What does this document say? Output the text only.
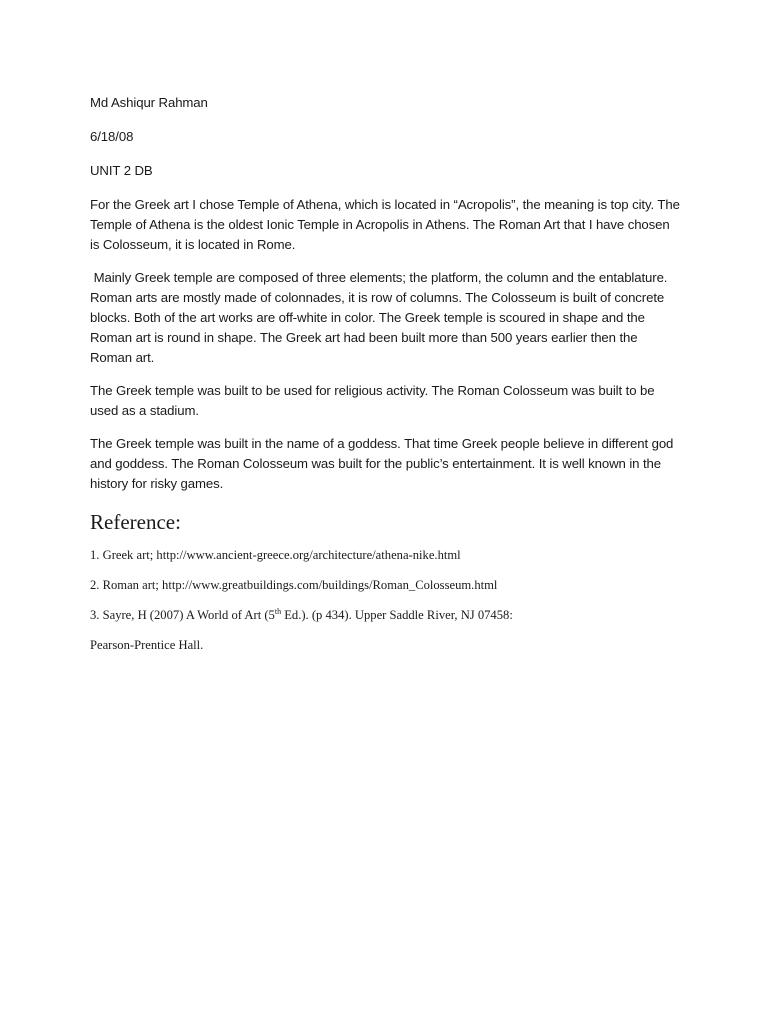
Md Ashiqur Rahman

6/18/08

UNIT 2 DB

For the Greek art I chose Temple of Athena, which is located in “Acropolis”, the meaning is top city. The Temple of Athena is the oldest Ionic Temple in Acropolis in Athens. The Roman Art that I have chosen is Colosseum, it is located in Rome.

Mainly Greek temple are composed of three elements; the platform, the column and the entablature. Roman arts are mostly made of colonnades, it is row of columns. The Colosseum is built of concrete blocks. Both of the art works are off-white in color. The Greek temple is scoured in shape and the Roman art is round in shape. The Greek art had been built more than 500 years earlier then the Roman art.

The Greek temple was built to be used for religious activity. The Roman Colosseum was built to be used as a stadium.

The Greek temple was built in the name of a goddess. That time Greek people believe in different god and goddess. The Roman Colosseum was built for the public’s entertainment. It is well known in the history for risky games.

Reference:

1. Greek art; http://www.ancient-greece.org/architecture/athena-nike.html

2. Roman art; http://www.greatbuildings.com/buildings/Roman_Colosseum.html

3. Sayre, H (2007) A World of Art (5th Ed.). (p 434). Upper Saddle River, NJ 07458:

Pearson-Prentice Hall.
